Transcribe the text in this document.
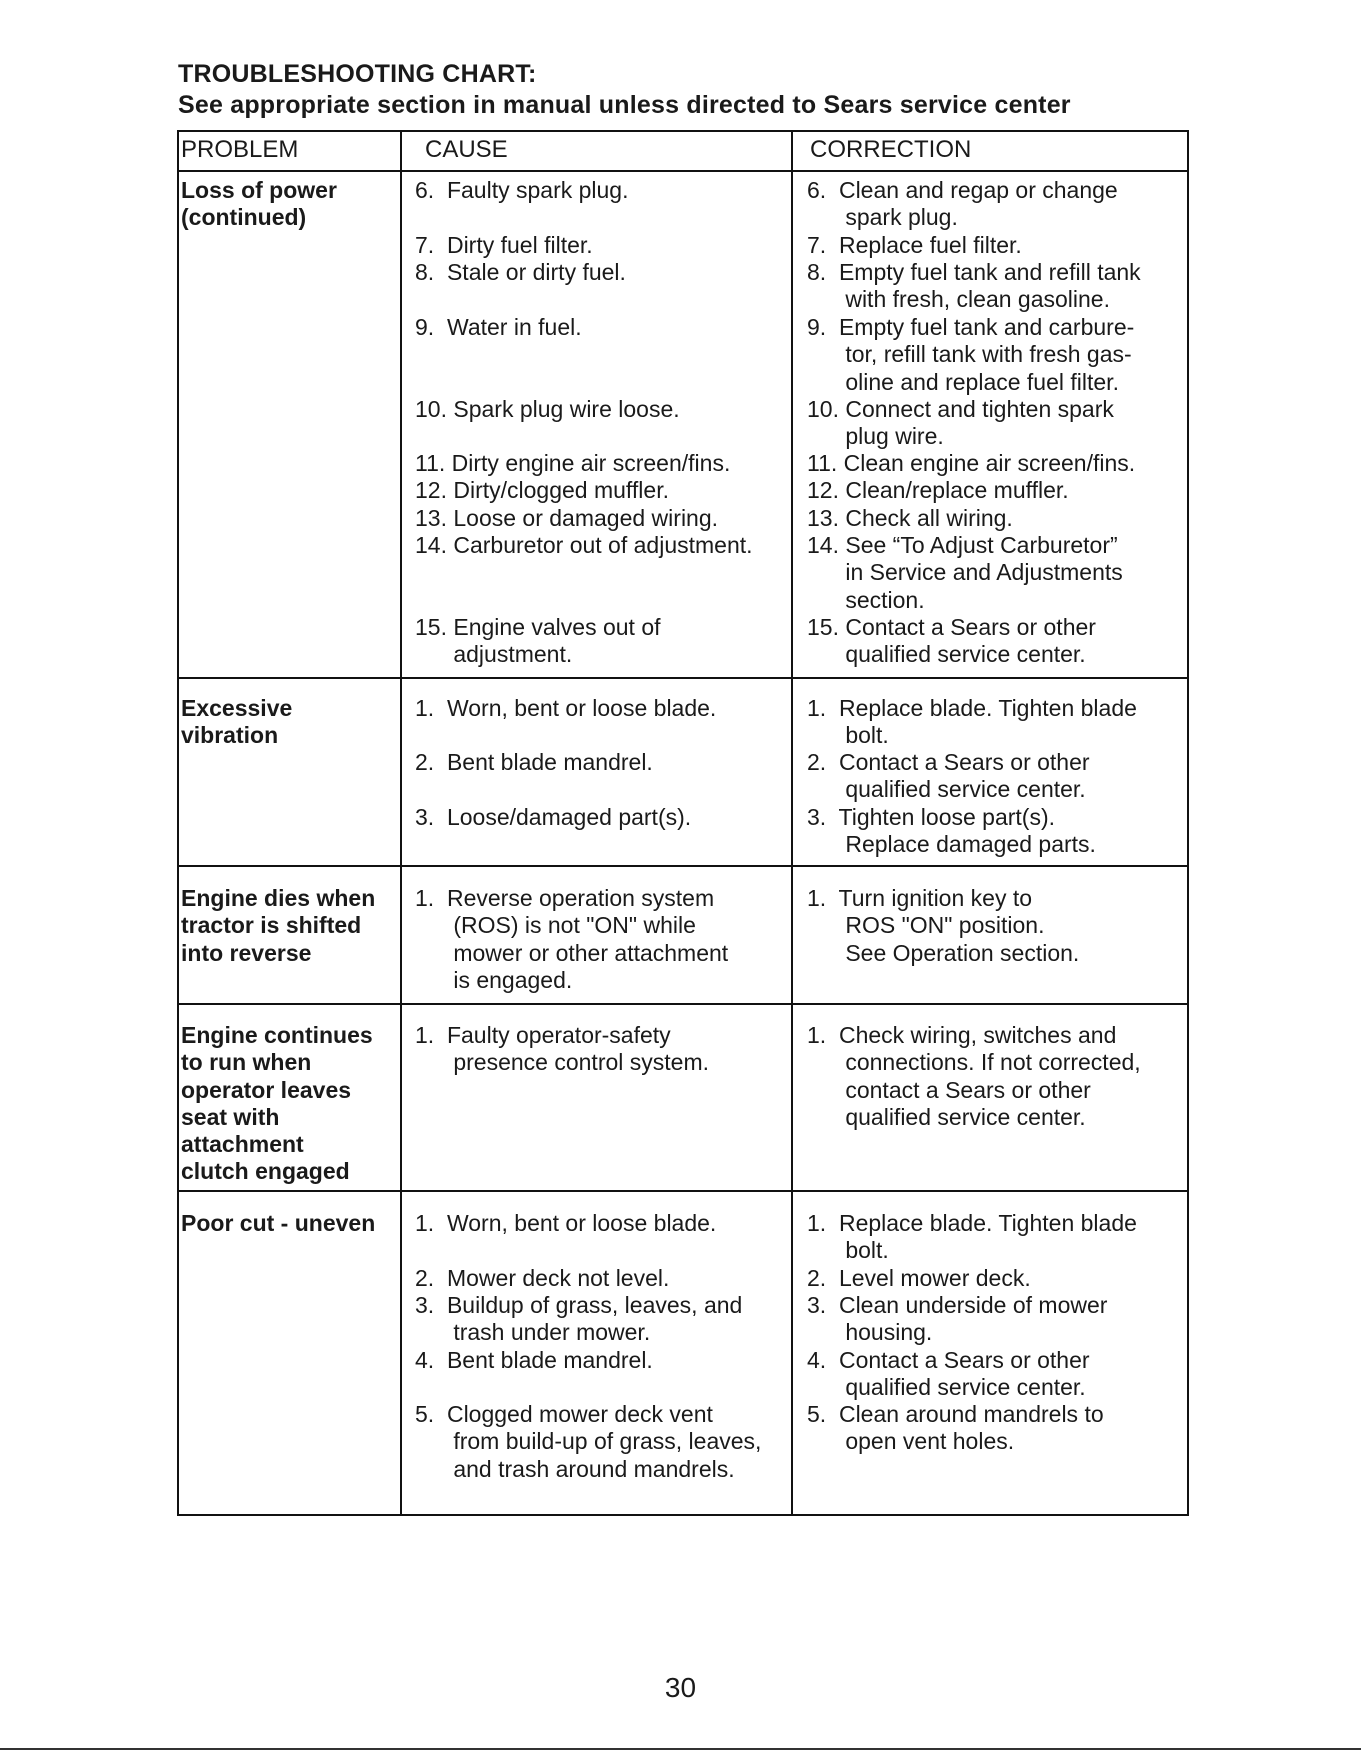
TROUBLESHOOTING CHART:
See appropriate section in manual unless directed to Sears service center
PROBLEM	CAUSE	CORRECTION
Loss of power
(continued)
6.  Faulty spark plug.
7.  Dirty fuel filter.
8.  Stale or dirty fuel.
9.  Water in fuel.
10. Spark plug wire loose.
11. Dirty engine air screen/fins.
12. Dirty/clogged muffler.
13. Loose or damaged wiring.
14. Carburetor out of adjustment.
15. Engine valves out of
adjustment.
6.  Clean and regap or change
spark plug.
7.  Replace fuel filter.
8.  Empty fuel tank and refill tank
with fresh, clean gasoline.
9.  Empty fuel tank and carbure-
tor, refill tank with fresh gas-
oline and replace fuel filter.
10. Connect and tighten spark
plug wire.
11. Clean engine air screen/fins.
12. Clean/replace muffler.
13. Check all wiring.
14. See “To Adjust Carburetor”
in Service and Adjustments
section.
15. Contact a Sears or other
qualified service center.
Excessive
vibration
1.  Worn, bent or loose blade.
2.  Bent blade mandrel.
3.  Loose/damaged part(s).
1.  Replace blade. Tighten blade
bolt.
2.  Contact a Sears or other
qualified service center.
3.  Tighten loose part(s).
Replace damaged parts.
Engine dies when
tractor is shifted
into reverse
1.  Reverse operation system
(ROS) is not "ON" while
mower or other attachment
is engaged.
1.  Turn ignition key to
ROS "ON" position.
See Operation section.
Engine continues
to run when
operator leaves
seat with
attachment
clutch engaged
1.  Faulty operator-safety
presence control system.
1.  Check wiring, switches and
connections. If not corrected,
contact a Sears or other
qualified service center.
Poor cut - uneven 1.  Worn, bent or loose blade.
2.  Mower deck not level.
3.  Buildup of grass, leaves, and
trash under mower.
4.  Bent blade mandrel.
5.  Clogged mower deck vent
from build-up of grass, leaves,
and trash around mandrels.
1.  Replace blade. Tighten blade
bolt.
2.  Level mower deck.
3.  Clean underside of mower
housing.
4.  Contact a Sears or other
qualified service center.
5.  Clean around mandrels to
open vent holes.
30
